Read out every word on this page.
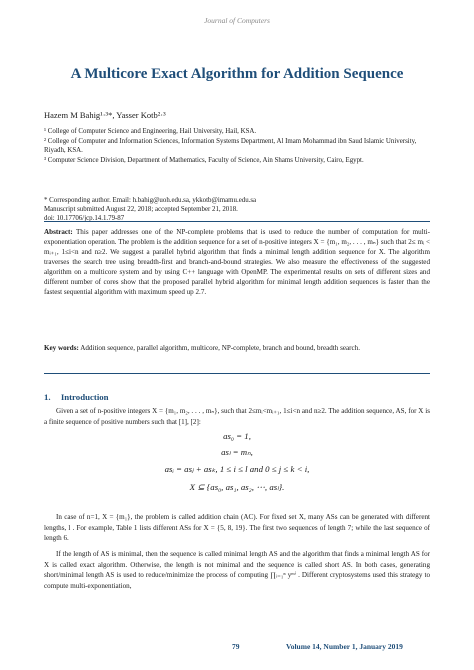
Journal of Computers
A Multicore Exact Algorithm for Addition Sequence
Hazem M Bahig¹·³*, Yasser Kotb²·³
¹ College of Computer Science and Engineering, Hail University, Hail, KSA.
² College of Computer and Information Sciences, Information Systems Department, Al Imam Mohammad ibn Saud Islamic University, Riyadh, KSA.
³ Computer Science Division, Department of Mathematics, Faculty of Science, Ain Shams University, Cairo, Egypt.
* Corresponding author. Email: h.bahig@uoh.edu.sa, ykkotb@imamu.edu.sa
Manuscript submitted August 22, 2018; accepted September 21, 2018.
doi: 10.17706/jcp.14.1.79-87
Abstract: This paper addresses one of the NP-complete problems that is used to reduce the number of computation for multi-exponentiation operation. The problem is the addition sequence for a set of n-positive integers X = {m₁, m₂, . . . , mₙ} such that 2≤ mᵢ < mᵢ₊₁, 1≤i<n and n≥2. We suggest a parallel hybrid algorithm that finds a minimal length addition sequence for X. The algorithm traverses the search tree using breadth-first and branch-and-bound strategies. We also measure the effectiveness of the suggested algorithm on a multicore system and by using C++ language with OpenMP. The experimental results on sets of different sizes and different number of cores show that the proposed parallel hybrid algorithm for minimal length addition sequences is faster than the fastest sequential algorithm with maximum speed up 2.7.
Key words: Addition sequence, parallel algorithm, multicore, NP-complete, branch and bound, breadth search.
1. Introduction
Given a set of n-positive integers X = {m₁, m₂, . . . , mₙ}, such that 2≤mᵢ<mᵢ₊₁, 1≤i<n and n≥2. The addition sequence, AS, for X is a finite sequence of positive numbers such that [1], [2]:
as₀ = 1,
asₗ = mₙ,
asᵢ = asⱼ + asₖ, 1 ≤ i ≤ l and 0 ≤ j ≤ k < i,
X ⊆ {as₀, as₁, as₂, ⋯, asₗ}.
In case of n=1, X = {m₁}, the problem is called addition chain (AC). For fixed set X, many ASs can be generated with different lengths, l . For example, Table 1 lists different ASs for X = {5, 8, 19}. The first two sequences of length 7; while the last sequence of length 6.
If the length of AS is minimal, then the sequence is called minimal length AS and the algorithm that finds a minimal length AS for X is called exact algorithm. Otherwise, the length is not minimal and the sequence is called short AS. In both cases, generating short/minimal length AS is used to reduce/minimize the process of computing ∏ᵢ₌₁ⁿ yᵐⁱ . Different cryptosystems used this strategy to compute multi-exponentiation,
79	Volume 14, Number 1, January 2019
